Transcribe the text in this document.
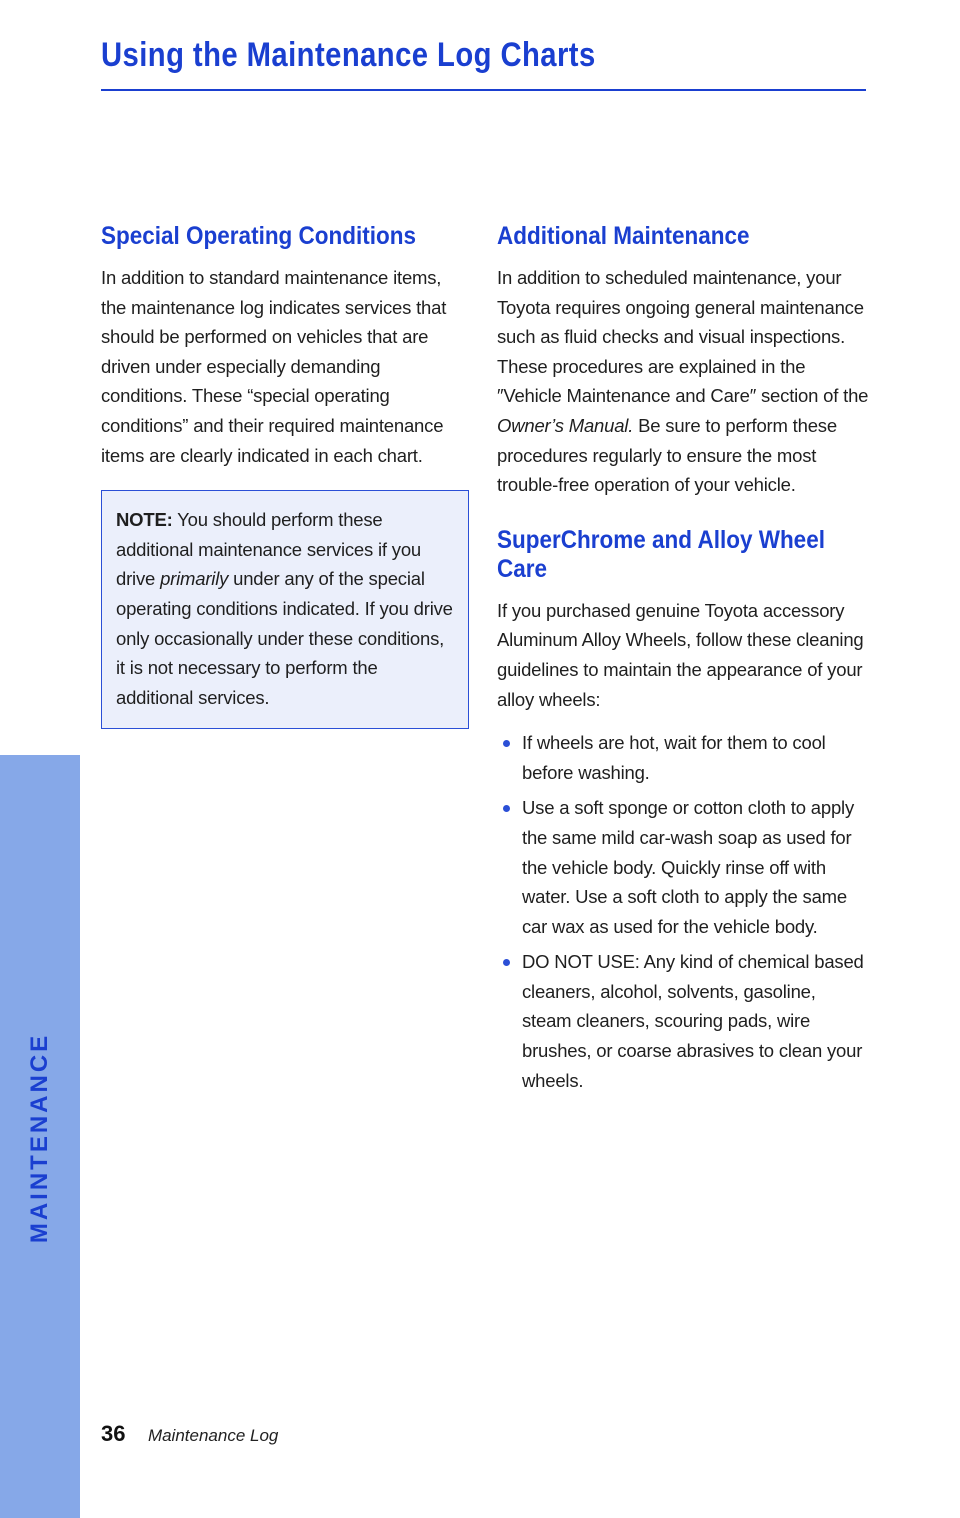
Using the Maintenance Log Charts
Special Operating Conditions

In addition to standard maintenance items, the maintenance log indicates services that should be performed on vehicles that are driven under especially demanding conditions. These “special operating conditions” and their required maintenance items are clearly indicated in each chart.

NOTE: You should perform these additional maintenance services if you drive primarily under any of the special operating conditions indicated. If you drive only occasionally under these conditions, it is not necessary to perform the additional services.
Additional Maintenance

In addition to scheduled maintenance, your Toyota requires ongoing general maintenance such as fluid checks and visual inspections. These procedures are explained in the ″Vehicle Maintenance and Care″ section of the Owner’s Manual. Be sure to perform these procedures regularly to ensure the most trouble-free operation of your vehicle.

SuperChrome and Alloy Wheel Care

If you purchased genuine Toyota accessory Aluminum Alloy Wheels, follow these cleaning guidelines to maintain the appearance of your alloy wheels:

If wheels are hot, wait for them to cool before washing.
Use a soft sponge or cotton cloth to apply the same mild car-wash soap as used for the vehicle body. Quickly rinse off with water. Use a soft cloth to apply the same car wax as used for the vehicle body.
DO NOT USE: Any kind of chemical based cleaners, alcohol, solvents, gasoline, steam cleaners, scouring pads, wire brushes, or coarse abrasives to clean your wheels.
MAINTENANCE
36 Maintenance Log
